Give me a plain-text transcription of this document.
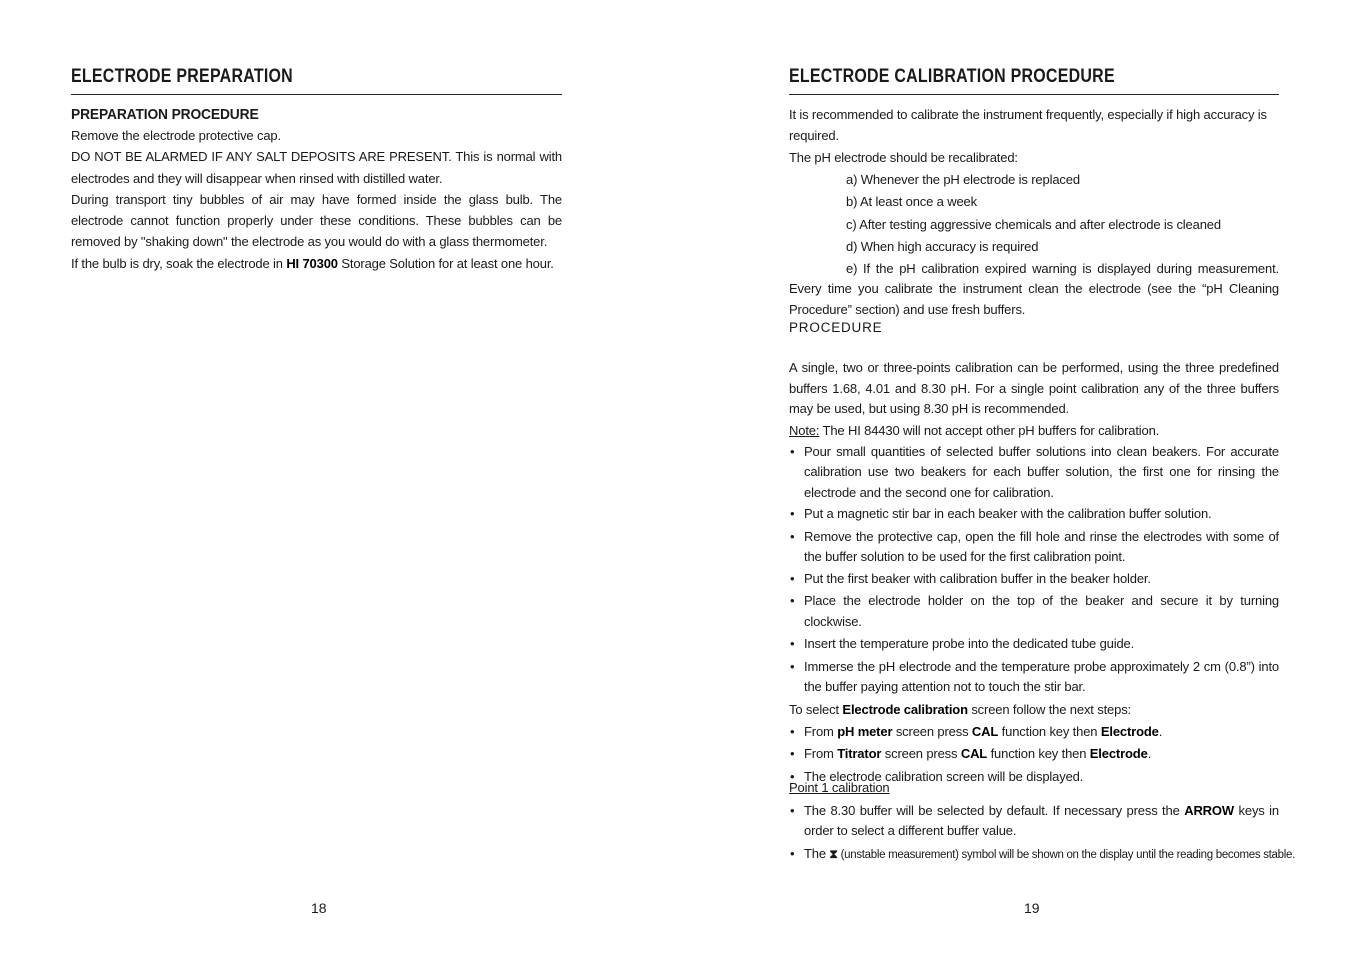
ELECTRODE PREPARATION
PREPARATION PROCEDURE

Remove the electrode protective cap.

DO NOT BE ALARMED IF ANY SALT DEPOSITS ARE PRESENT. This is normal with electrodes and they will disappear when rinsed with distilled water.

During transport tiny bubbles of air may have formed inside the glass bulb. The electrode cannot function properly under these conditions. These bubbles can be removed by "shaking down" the electrode as you would do with a glass thermometer.

If the bulb is dry, soak the electrode in HI 70300 Storage Solution for at least one hour.

18
ELECTRODE CALIBRATION PROCEDURE

It is recommended to calibrate the instrument frequently, especially if high accuracy is required.

The pH electrode should be recalibrated:

a) Whenever the pH electrode is replaced

b) At least once a week

c) After testing aggressive chemicals and after electrode is cleaned

d) When high accuracy is required

e) If the pH calibration expired warning is displayed during measurement. Every time you calibrate the instrument clean the electrode (see the “pH Cleaning Procedure” section) and use fresh buffers.

PROCEDURE

A single, two or three-points calibration can be performed, using the three predefined buffers 1.68, 4.01 and 8.30 pH. For a single point calibration any of the three buffers may be used, but using 8.30 pH is recommended.

Note: The HI 84430 will not accept other pH buffers for calibration.

• Pour small quantities of selected buffer solutions into clean beakers. For accurate calibration use two beakers for each buffer solution, the first one for rinsing the electrode and the second one for calibration.
• Put a magnetic stir bar in each beaker with the calibration buffer solution.
• Remove the protective cap, open the fill hole and rinse the electrodes with some of the buffer solution to be used for the first calibration point.
• Put the first beaker with calibration buffer in the beaker holder.
• Place the electrode holder on the top of the beaker and secure it by turning clockwise.
• Insert the temperature probe into the dedicated tube guide.
• Immerse the pH electrode and the temperature probe approximately 2 cm (0.8”) into the buffer paying attention not to touch the stir bar.

To select Electrode calibration screen follow the next steps:

• From pH meter screen press CAL function key then Electrode.
• From Titrator screen press CAL function key then Electrode.
• The electrode calibration screen will be displayed.

Point 1 calibration

• The 8.30 buffer will be selected by default. If necessary press the ARROW keys in order to select a different buffer value.
• The ⧗ (unstable measurement) symbol will be shown on the display until the reading becomes stable.
19
